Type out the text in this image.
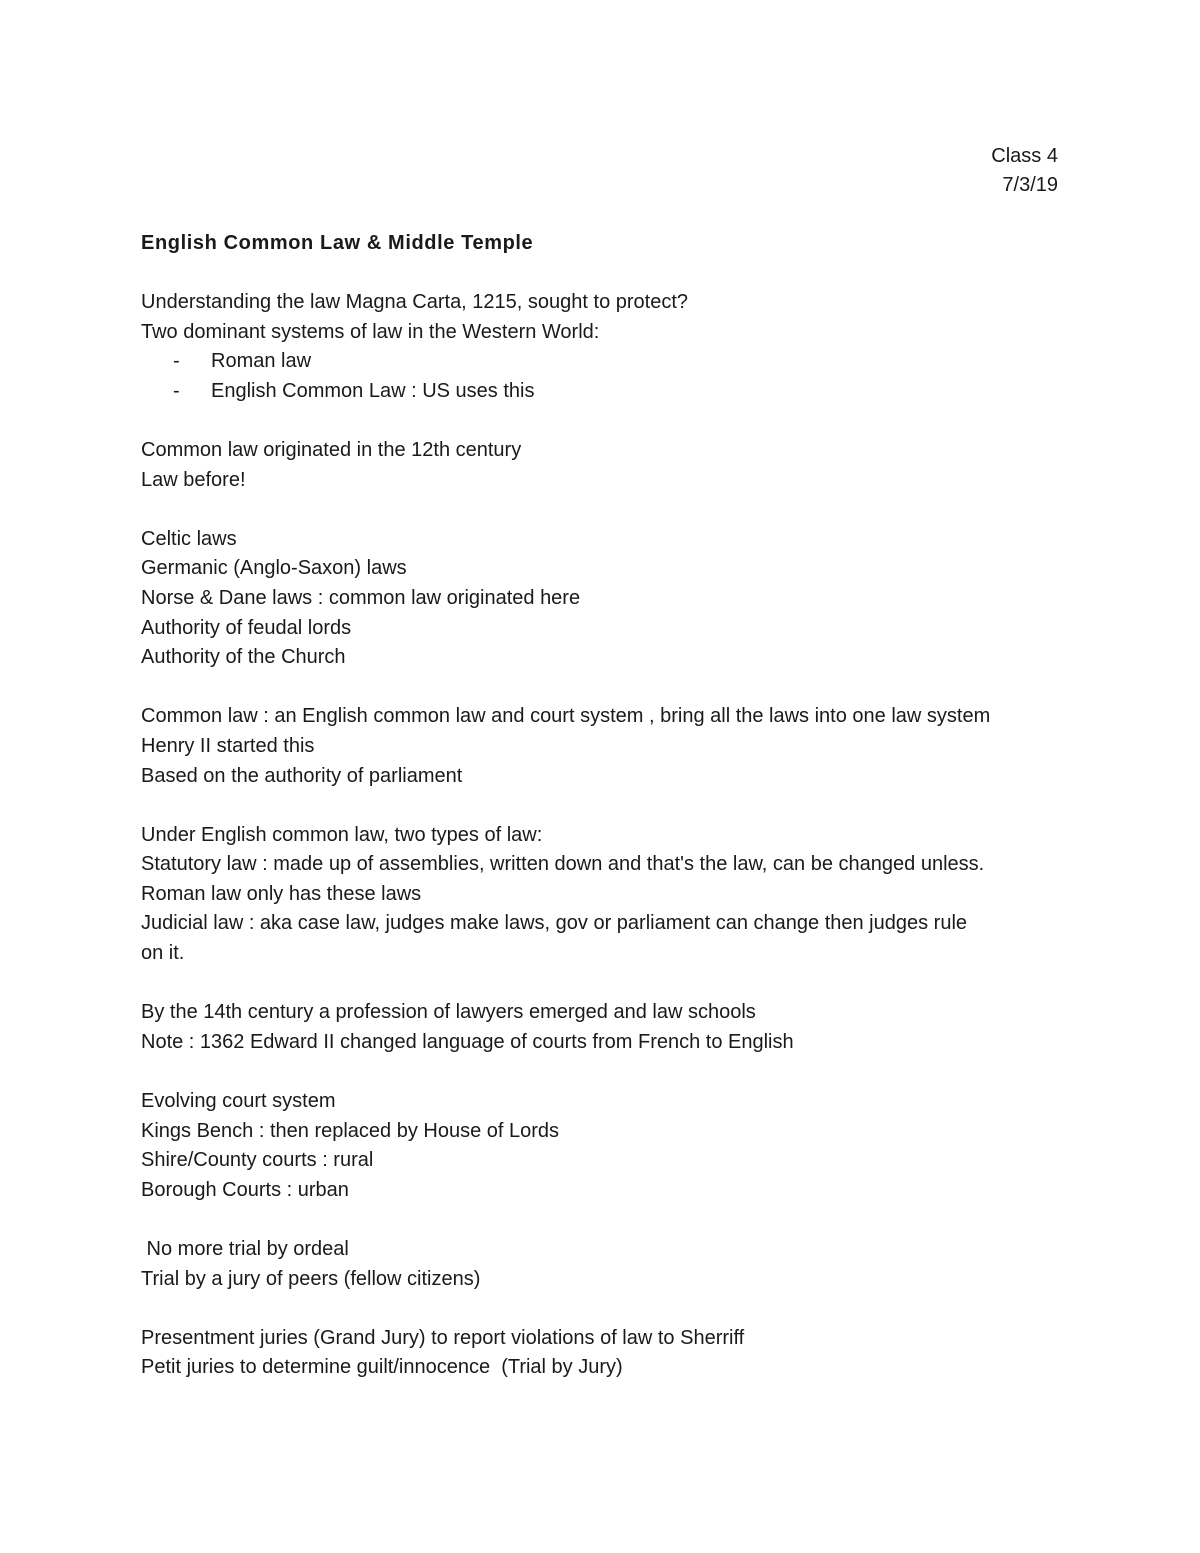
Class 4
7/3/19
English Common Law & Middle Temple
Understanding the law Magna Carta, 1215, sought to protect?
Two dominant systems of law in the Western World:
- Roman law
- English Common Law : US uses this
Common law originated in the 12th century
Law before!
Celtic laws
Germanic (Anglo-Saxon) laws
Norse & Dane laws : common law originated here
Authority of feudal lords
Authority of the Church
Common law : an English common law and court system , bring all the laws into one law system
Henry II started this
Based on the authority of parliament
Under English common law, two types of law:
Statutory law : made up of assemblies, written down and that's the law, can be changed unless.
Roman law only has these laws
Judicial law : aka case law, judges make laws, gov or parliament can change then judges rule
on it.
By the 14th century a profession of lawyers emerged and law schools
Note : 1362 Edward II changed language of courts from French to English
Evolving court system
Kings Bench : then replaced by House of Lords
Shire/County courts : rural
Borough Courts : urban
No more trial by ordeal
Trial by a jury of peers (fellow citizens)
Presentment juries (Grand Jury) to report violations of law to Sherriff
Petit juries to determine guilt/innocence  (Trial by Jury)
